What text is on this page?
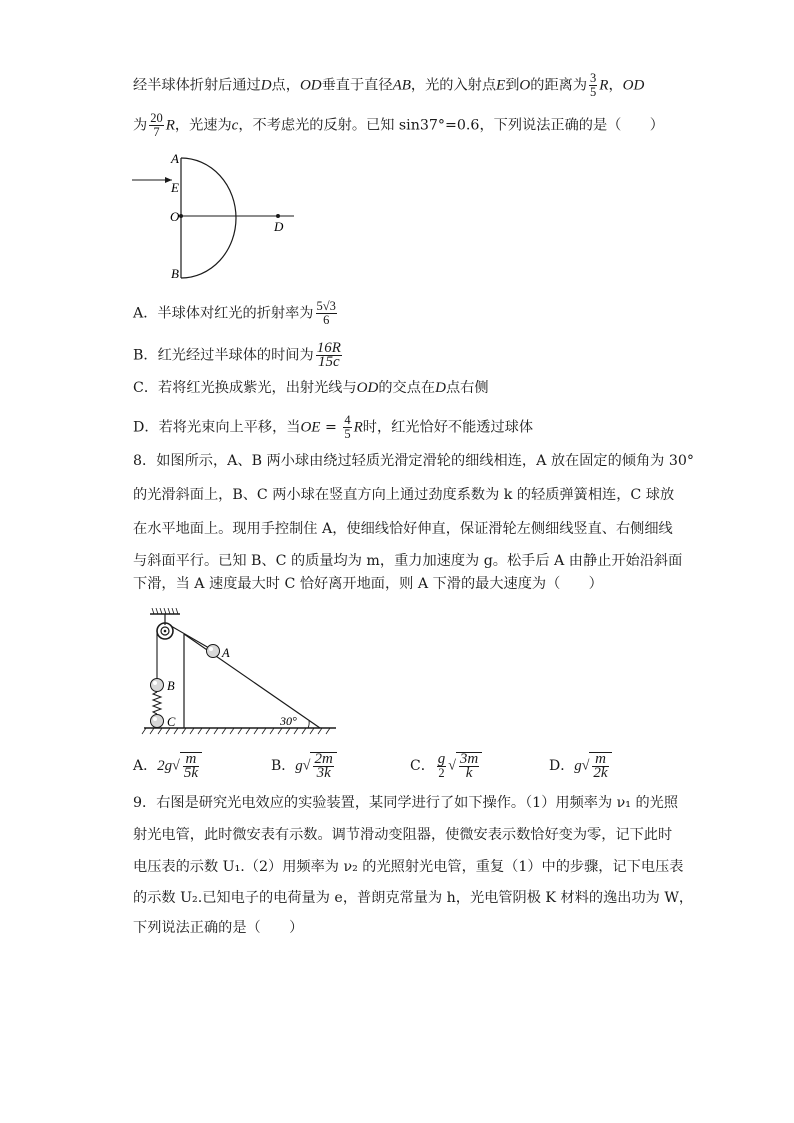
经半球体折射后通过D点，OD垂直于直径AB，光的入射点E到O的距离为 $\frac{3}{5}$ R，OD
为 $\frac{20}{7}$ R，光速为c，不考虑光的反射。已知 sin37°=0.6，下列说法正确的是（　　）
A
E
O
D
B
A．半球体对红光的折射率为 $\frac{5√3}{6}$
B．红光经过半球体的时间为 $\frac{16R}{15c}$
C．若将红光换成紫光，出射光线与OD的交点在D点右侧
D．若将光束向上平移，当OE = $\frac{4}{5}$ R时，红光恰好不能透过球体
8．如图所示，A、B 两小球由绕过轻质光滑定滑轮的细线相连，A 放在固定的倾角为 30°
的光滑斜面上，B、C 两小球在竖直方向上通过劲度系数为 k 的轻质弹簧相连，C 球放
在水平地面上。现用手控制住 A，使细线恰好伸直，保证滑轮左侧细线竖直、右侧细线
与斜面平行。已知 B、C 的质量均为 m，重力加速度为 g。松手后 A 由静止开始沿斜面
下滑，当 A 速度最大时 C 恰好离开地面，则 A 下滑的最大速度为（　　）
A
B
C	30°
A．$2g√ \frac{m}{5k}$	B．$g√ \frac{2m}{3k}$	C． $\frac{g}{2}$ √ $\frac{3m}{k}$	D．$g√ \frac{m}{2k}$
9．右图是研究光电效应的实验装置，某同学进行了如下操作。（1）用频率为 ν₁ 的光照
射光电管，此时微安表有示数。调节滑动变阻器，使微安表示数恰好变为零，记下此时
电压表的示数 U₁.（2）用频率为 ν₂ 的光照射光电管，重复（1）中的步骤，记下电压表
的示数 U₂.已知电子的电荷量为 e，普朗克常量为 h，光电管阴极 K 材料的逸出功为 W，
下列说法正确的是（　　）
